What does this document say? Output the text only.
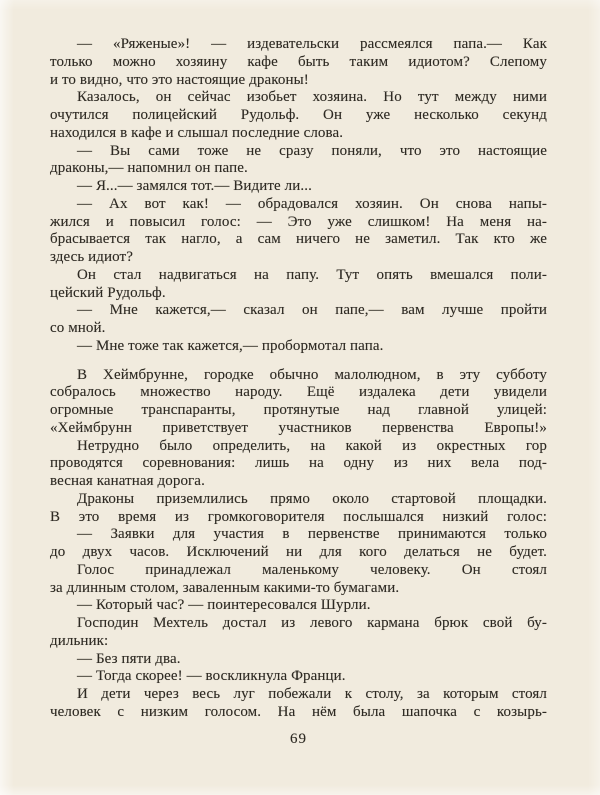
— «Ряженые»! — издевательски рассмеялся папа.— Как
только можно хозяину кафе быть таким идиотом? Слепому
и то видно, что это настоящие драконы!
Казалось, он сейчас изобьет хозяина. Но тут между ними
очутился полицейский Рудольф. Он уже несколько секунд
находился в кафе и слышал последние слова.
— Вы сами тоже не сразу поняли, что это настоящие
драконы,— напомнил он папе.
— Я...— замялся тот.— Видите ли...
— Ах вот как! — обрадовался хозяин. Он снова напы-
жился и повысил голос: — Это уже слишком! На меня на-
брасывается так нагло, а сам ничего не заметил. Так кто же
здесь идиот?
Он стал надвигаться на папу. Тут опять вмешался поли-
цейский Рудольф.
— Мне кажется,— сказал он папе,— вам лучше пройти
со мной.
— Мне тоже так кажется,— пробормотал папа.
В Хеймбрунне, городке обычно малолюдном, в эту субботу
собралось множество народу. Ещё издалека дети увидели
огромные транспаранты, протянутые над главной улицей:
«Хеймбрунн приветствует участников первенства Европы!»
Нетрудно было определить, на какой из окрестных гор
проводятся соревнования: лишь на одну из них вела под-
весная канатная дорога.
Драконы приземлились прямо около стартовой площадки.
В это время из громкоговорителя послышался низкий голос:
— Заявки для участия в первенстве принимаются только
до двух часов. Исключений ни для кого делаться не будет.
Голос принадлежал маленькому человеку. Он стоял
за длинным столом, заваленным какими-то бумагами.
— Который час? — поинтересовался Шурли.
Господин Мехтель достал из левого кармана брюк свой бу-
дильник:
— Без пяти два.
— Тогда скорее! — воскликнула Франци.
И дети через весь луг побежали к столу, за которым стоял
человек с низким голосом. На нём была шапочка с козырь-
69
